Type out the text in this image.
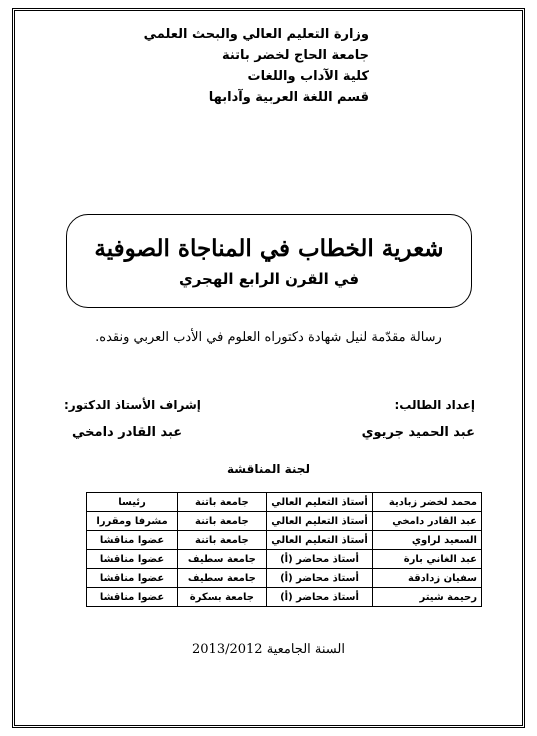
وزارة التعليم العالي والبحث العلمي
جامعة الحاج لخضر باتنة
كلية الآداب واللغات
قسم اللغة العربية وآدابها
شعرية الخطاب في المناجاة الصوفية
في القرن الرابع الهجري
رسالة مقدّمة لنيل شهادة دكتوراه العلوم في الأدب العربي ونقده.
إعداد الطالب:
عبد الحميد جريوي
إشراف الأستاذ الدكتور:
عبد القادر دامخي
لجنة المناقشة
محمد لخضر زبادية	أستاذ التعليم العالي	جامعة باتنة	رئيسا
عبد القادر دامخي	أستاذ التعليم العالي	جامعة باتنة	مشرفا ومقررا
السعيد لراوي	أستاذ التعليم العالي	جامعة باتنة	عضوا مناقشا
عبد الغاني بارة	أستاذ محاضر (أ)	جامعة سطيف	عضوا مناقشا
سفيان زدادقة	أستاذ محاضر (أ)	جامعة سطيف	عضوا مناقشا
رحيمة شيتر	أستاذ محاضر (أ)	جامعة بسكرة	عضوا مناقشا
السنة الجامعية 2013/2012
